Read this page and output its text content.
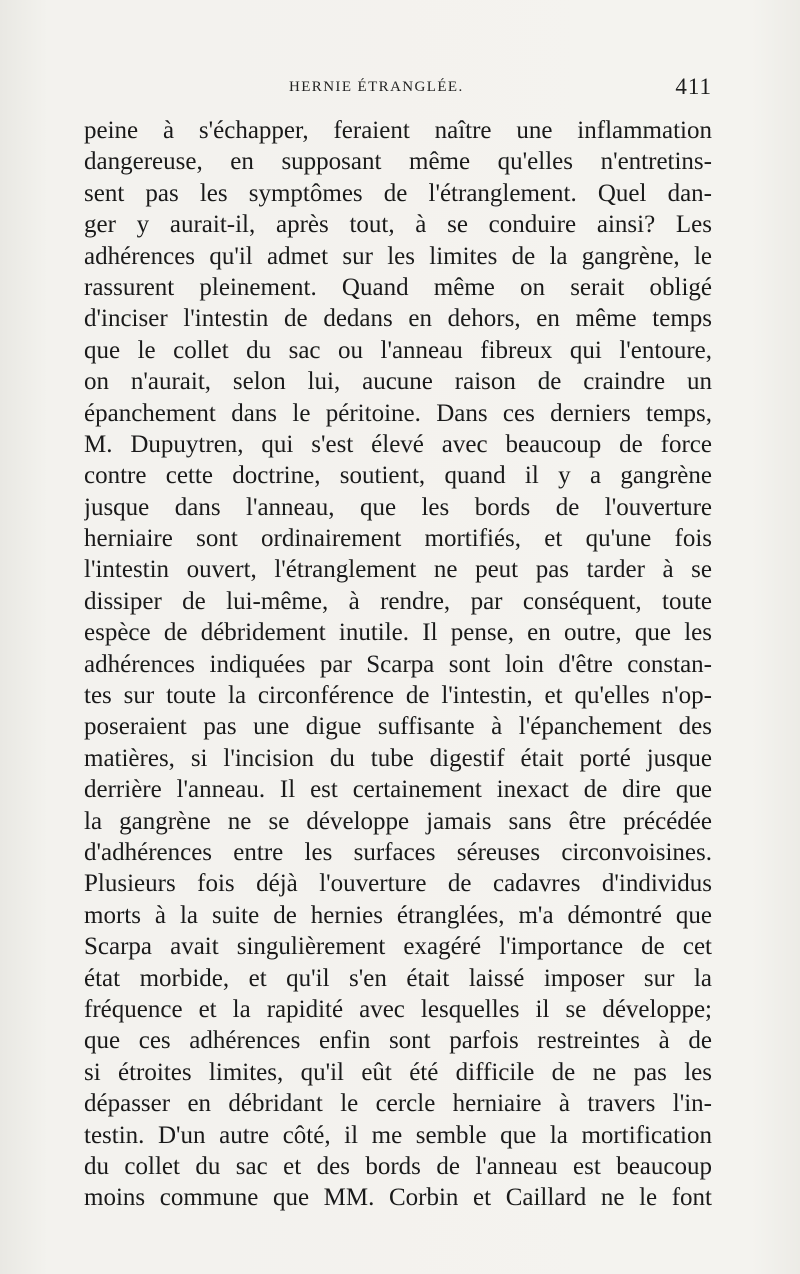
HERNIE ÉTRANGLÉE.	411
peine à s'échapper, feraient naître une inflammation
dangereuse, en supposant même qu'elles n'entretins-
sent pas les symptômes de l'étranglement. Quel dan-
ger y aurait-il, après tout, à se conduire ainsi? Les
adhérences qu'il admet sur les limites de la gangrène, le
rassurent pleinement. Quand même on serait obligé
d'inciser l'intestin de dedans en dehors, en même temps
que le collet du sac ou l'anneau fibreux qui l'entoure,
on n'aurait, selon lui, aucune raison de craindre un
épanchement dans le péritoine. Dans ces derniers temps,
M. Dupuytren, qui s'est élevé avec beaucoup de force
contre cette doctrine, soutient, quand il y a gangrène
jusque dans l'anneau, que les bords de l'ouverture
herniaire sont ordinairement mortifiés, et qu'une fois
l'intestin ouvert, l'étranglement ne peut pas tarder à se
dissiper de lui-même, à rendre, par conséquent, toute
espèce de débridement inutile. Il pense, en outre, que les
adhérences indiquées par Scarpa sont loin d'être constan-
tes sur toute la circonférence de l'intestin, et qu'elles n'op-
poseraient pas une digue suffisante à l'épanchement des
matières, si l'incision du tube digestif était porté jusque
derrière l'anneau. Il est certainement inexact de dire que
la gangrène ne se développe jamais sans être précédée
d'adhérences entre les surfaces séreuses circonvoisines.
Plusieurs fois déjà l'ouverture de cadavres d'individus
morts à la suite de hernies étranglées, m'a démontré que
Scarpa avait singulièrement exagéré l'importance de cet
état morbide, et qu'il s'en était laissé imposer sur la
fréquence et la rapidité avec lesquelles il se développe;
que ces adhérences enfin sont parfois restreintes à de
si étroites limites, qu'il eût été difficile de ne pas les
dépasser en débridant le cercle herniaire à travers l'in-
testin. D'un autre côté, il me semble que la mortification
du collet du sac et des bords de l'anneau est beaucoup
moins commune que MM. Corbin et Caillard ne le font
